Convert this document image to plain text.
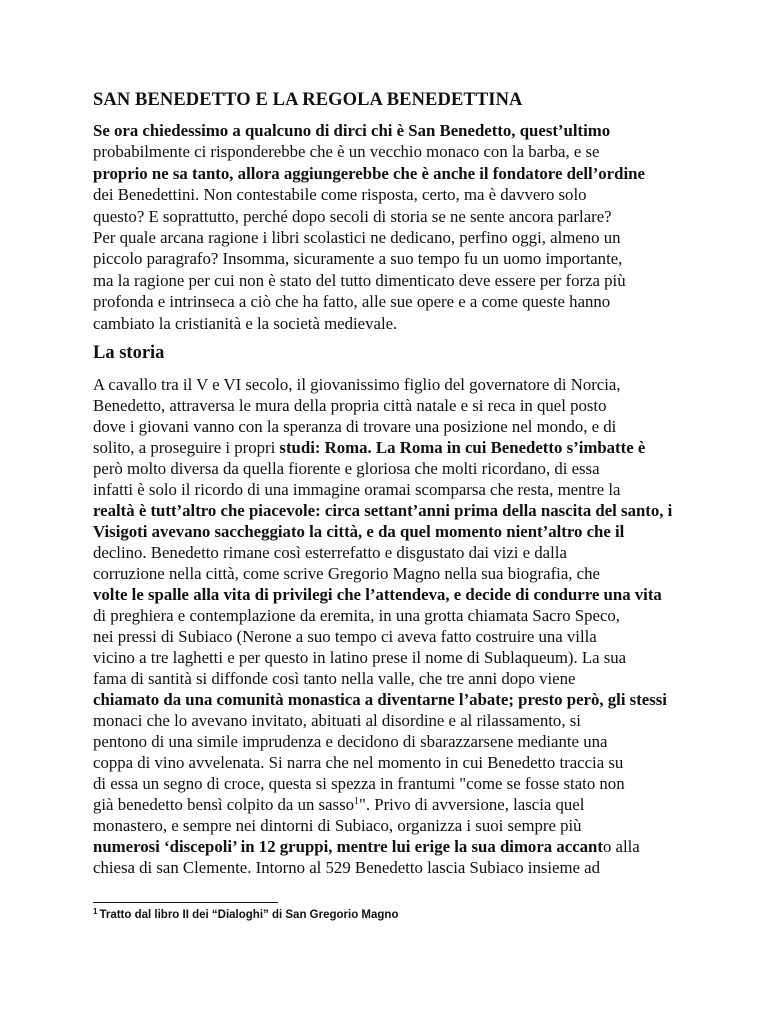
SAN BENEDETTO E LA REGOLA BENEDETTINA
Se ora chiedessimo a qualcuno di dirci chi è San Benedetto, quest’ultimo
probabilmente ci risponderebbe che è un vecchio monaco con la barba, e se
proprio ne sa tanto, allora aggiungerebbe che è anche il fondatore dell’ordine
dei Benedettini. Non contestabile come risposta, certo, ma è davvero solo
questo? E soprattutto, perché dopo secoli di storia se ne sente ancora parlare?
Per quale arcana ragione i libri scolastici ne dedicano, perfino oggi, almeno un
piccolo paragrafo? Insomma, sicuramente a suo tempo fu un uomo importante,
ma la ragione per cui non è stato del tutto dimenticato deve essere per forza più
profonda e intrinseca a ciò che ha fatto, alle sue opere e a come queste hanno
cambiato la cristianità e la società medievale.
La storia
A cavallo tra il V e VI secolo, il giovanissimo figlio del governatore di Norcia,
Benedetto, attraversa le mura della propria città natale e si reca in quel posto
dove i giovani vanno con la speranza di trovare una posizione nel mondo, e di
solito, a proseguire i propri studi: Roma. La Roma in cui Benedetto s’imbatte è
però molto diversa da quella fiorente e gloriosa che molti ricordano, di essa
infatti è solo il ricordo di una immagine oramai scomparsa che resta, mentre la
realtà è tutt’altro che piacevole: circa settant’anni prima della nascita del santo, i
Visigoti avevano saccheggiato la città, e da quel momento nient’altro che il
declino. Benedetto rimane così esterrefatto e disgustato dai vizi e dalla
corruzione nella città, come scrive Gregorio Magno nella sua biografia, che
volte le spalle alla vita di privilegi che l’attendeva, e decide di condurre una vita
di preghiera e contemplazione da eremita, in una grotta chiamata Sacro Speco,
nei pressi di Subiaco (Nerone a suo tempo ci aveva fatto costruire una villa
vicino a tre laghetti e per questo in latino prese il nome di Sublaqueum). La sua
fama di santità si diffonde così tanto nella valle, che tre anni dopo viene
chiamato da una comunità monastica a diventarne l’abate; presto però, gli stessi
monaci che lo avevano invitato, abituati al disordine e al rilassamento, si
pentono di una simile imprudenza e decidono di sbarazzarsene mediante una
coppa di vino avvelenata. Si narra che nel momento in cui Benedetto traccia su
di essa un segno di croce, questa si spezza in frantumi "come se fosse stato non
già benedetto bensì colpito da un sasso$^1$". Privo di avversione, lascia quel
monastero, e sempre nei dintorni di Subiaco, organizza i suoi sempre più
numerosi ‘discepoli’ in 12 gruppi, mentre lui erige la sua dimora accanto alla
chiesa di san Clemente. Intorno al 529 Benedetto lascia Subiaco insieme ad
$^1$ Tratto dal libro II dei “Dialoghi” di San Gregorio Magno
